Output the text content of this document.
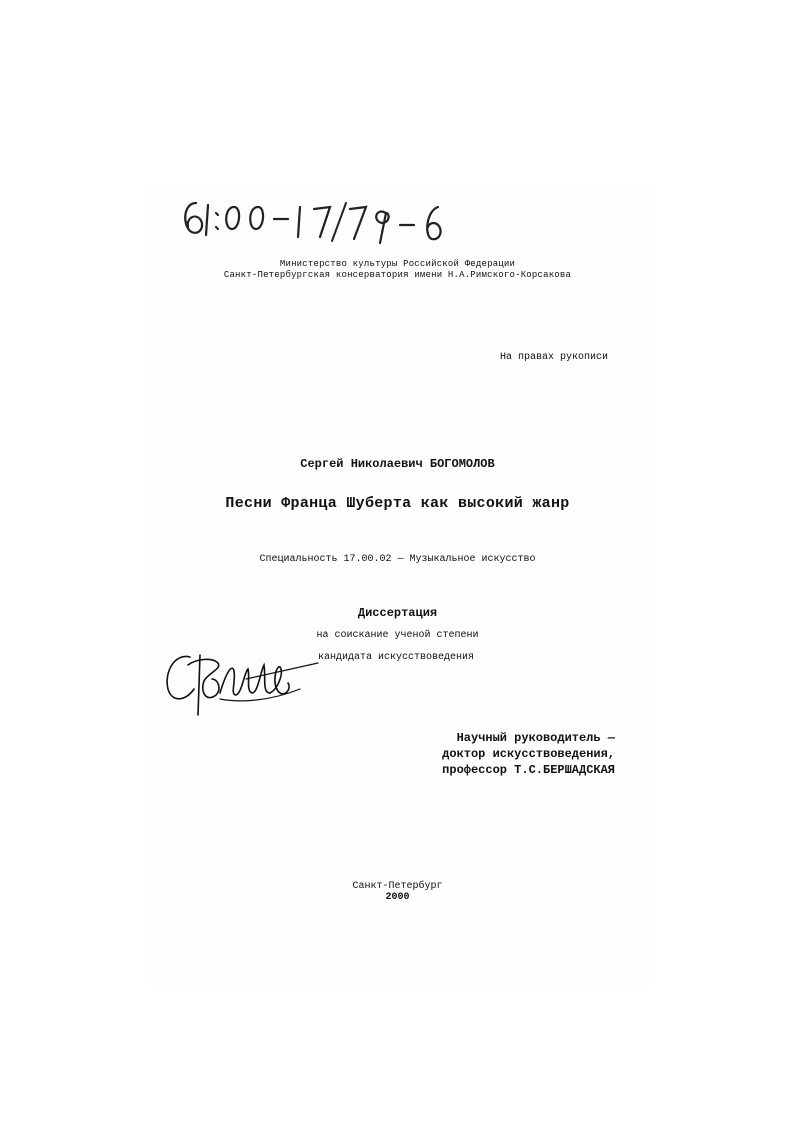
Министерство культуры Российской Федерации
Санкт-Петербургская консерватория имени Н.А.Римского-Корсакова
На правах рукописи
Сергей Николаевич БОГОМОЛОВ
Песни Франца Шуберта как высокий жанр
Специальность 17.00.02 — Музыкальное искусство
Диссертация
на соискание ученой степени
кандидата искусствоведения
Научный руководитель —
доктор искусствоведения,
профессор Т.С.БЕРШАДСКАЯ
Санкт-Петербург
2000
